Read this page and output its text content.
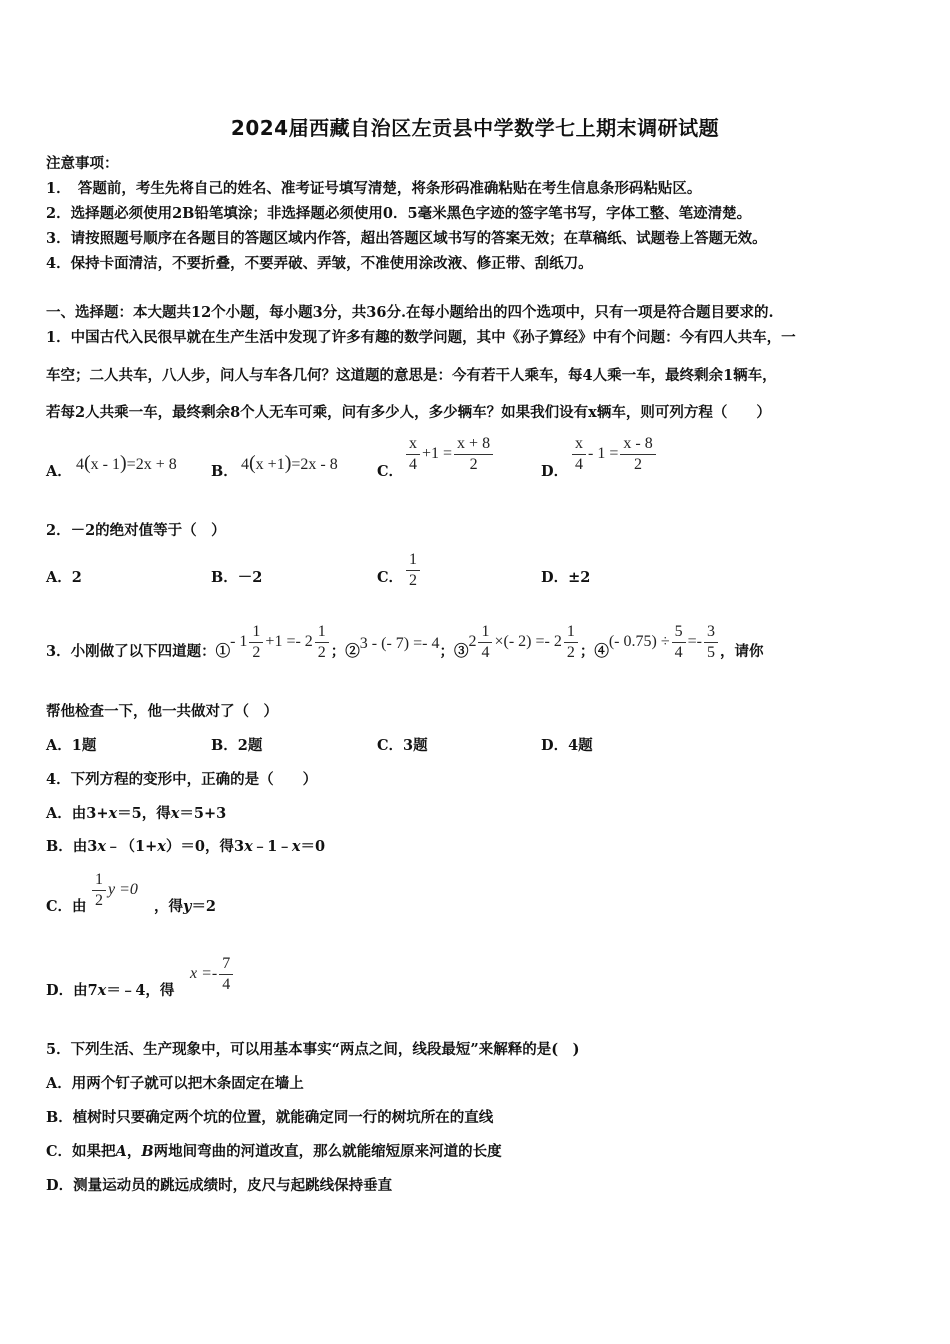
2024届西藏自治区左贡县中学数学七上期末调研试题
注意事项：
1．　答题前，考生先将自己的姓名、准考证号填写清楚，将条形码准确粘贴在考生信息条形码粘贴区。
2．选择题必须使用2B铅笔填涂；非选择题必须使用0．5毫米黑色字迹的签字笔书写，字体工整、笔迹清楚。
3．请按照题号顺序在各题目的答题区域内作答，超出答题区域书写的答案无效；在草稿纸、试题卷上答题无效。
4．保持卡面清洁，不要折叠，不要弄破、弄皱，不准使用涂改液、修正带、刮纸刀。
一、选择题：本大题共12个小题，每小题3分，共36分.在每小题给出的四个选项中，只有一项是符合题目要求的.
1．中国古代入民很早就在生产生活中发现了许多有趣的数学问题，其中《孙子算经》中有个问题：今有四人共车，一
车空；二人共车，八人步，问人与车各几何？这道题的意思是：今有若干人乘车，每4人乘一车，最终剩余1辆车，
若每2人共乘一车，最终剩余8个人无车可乘，问有多少人，多少辆车？如果我们设有x辆车，则可列方程（　　）
A． 4(x - 1)=2x + 8 B． 4(x +1)=2x - 8	C． $\frac{x}{4} +1 = \frac{x + 8}{2}$	D． $\frac{x}{4} - 1 = \frac{x - 8}{2}$
2．－2的绝对值等于（　）
A．2	B．－2	C． $\frac{1}{2}$	D．±2
3．小刚做了以下四道题：①
- $1 \frac{1}{2} +1 =- 2 \frac{1}{2}$ ；② 3 - (- 7) =- 4 ；③
$2 \frac{1}{4}$ ×(- $2) =- 2 \frac{1}{2}$ ；④
(- $0.75) \div \frac{5}{4} =- \frac{3}{5}$ ，请你
帮他检查一下，他一共做对了（　）
A．1题	B．2题	C．3题	D．4题
4．下列方程的变形中，正确的是（　　）
A．由3+x＝5，得x＝5+3
B．由3x﹣（1+x）＝0，得3x﹣1﹣x＝0
C．由 $\frac{1}{2}$ y =0
，得y＝2
D．由7x＝﹣4，得
$x =- \frac{7}{4}$
5．下列生活、生产现象中，可以用基本事实“两点之间，线段最短”来解释的是(　)
A．用两个钉子就可以把木条固定在墙上
B．植树时只要确定两个坑的位置，就能确定同一行的树坑所在的直线
C．如果把A，B两地间弯曲的河道改直，那么就能缩短原来河道的长度
D．测量运动员的跳远成绩时，皮尺与起跳线保持垂直
